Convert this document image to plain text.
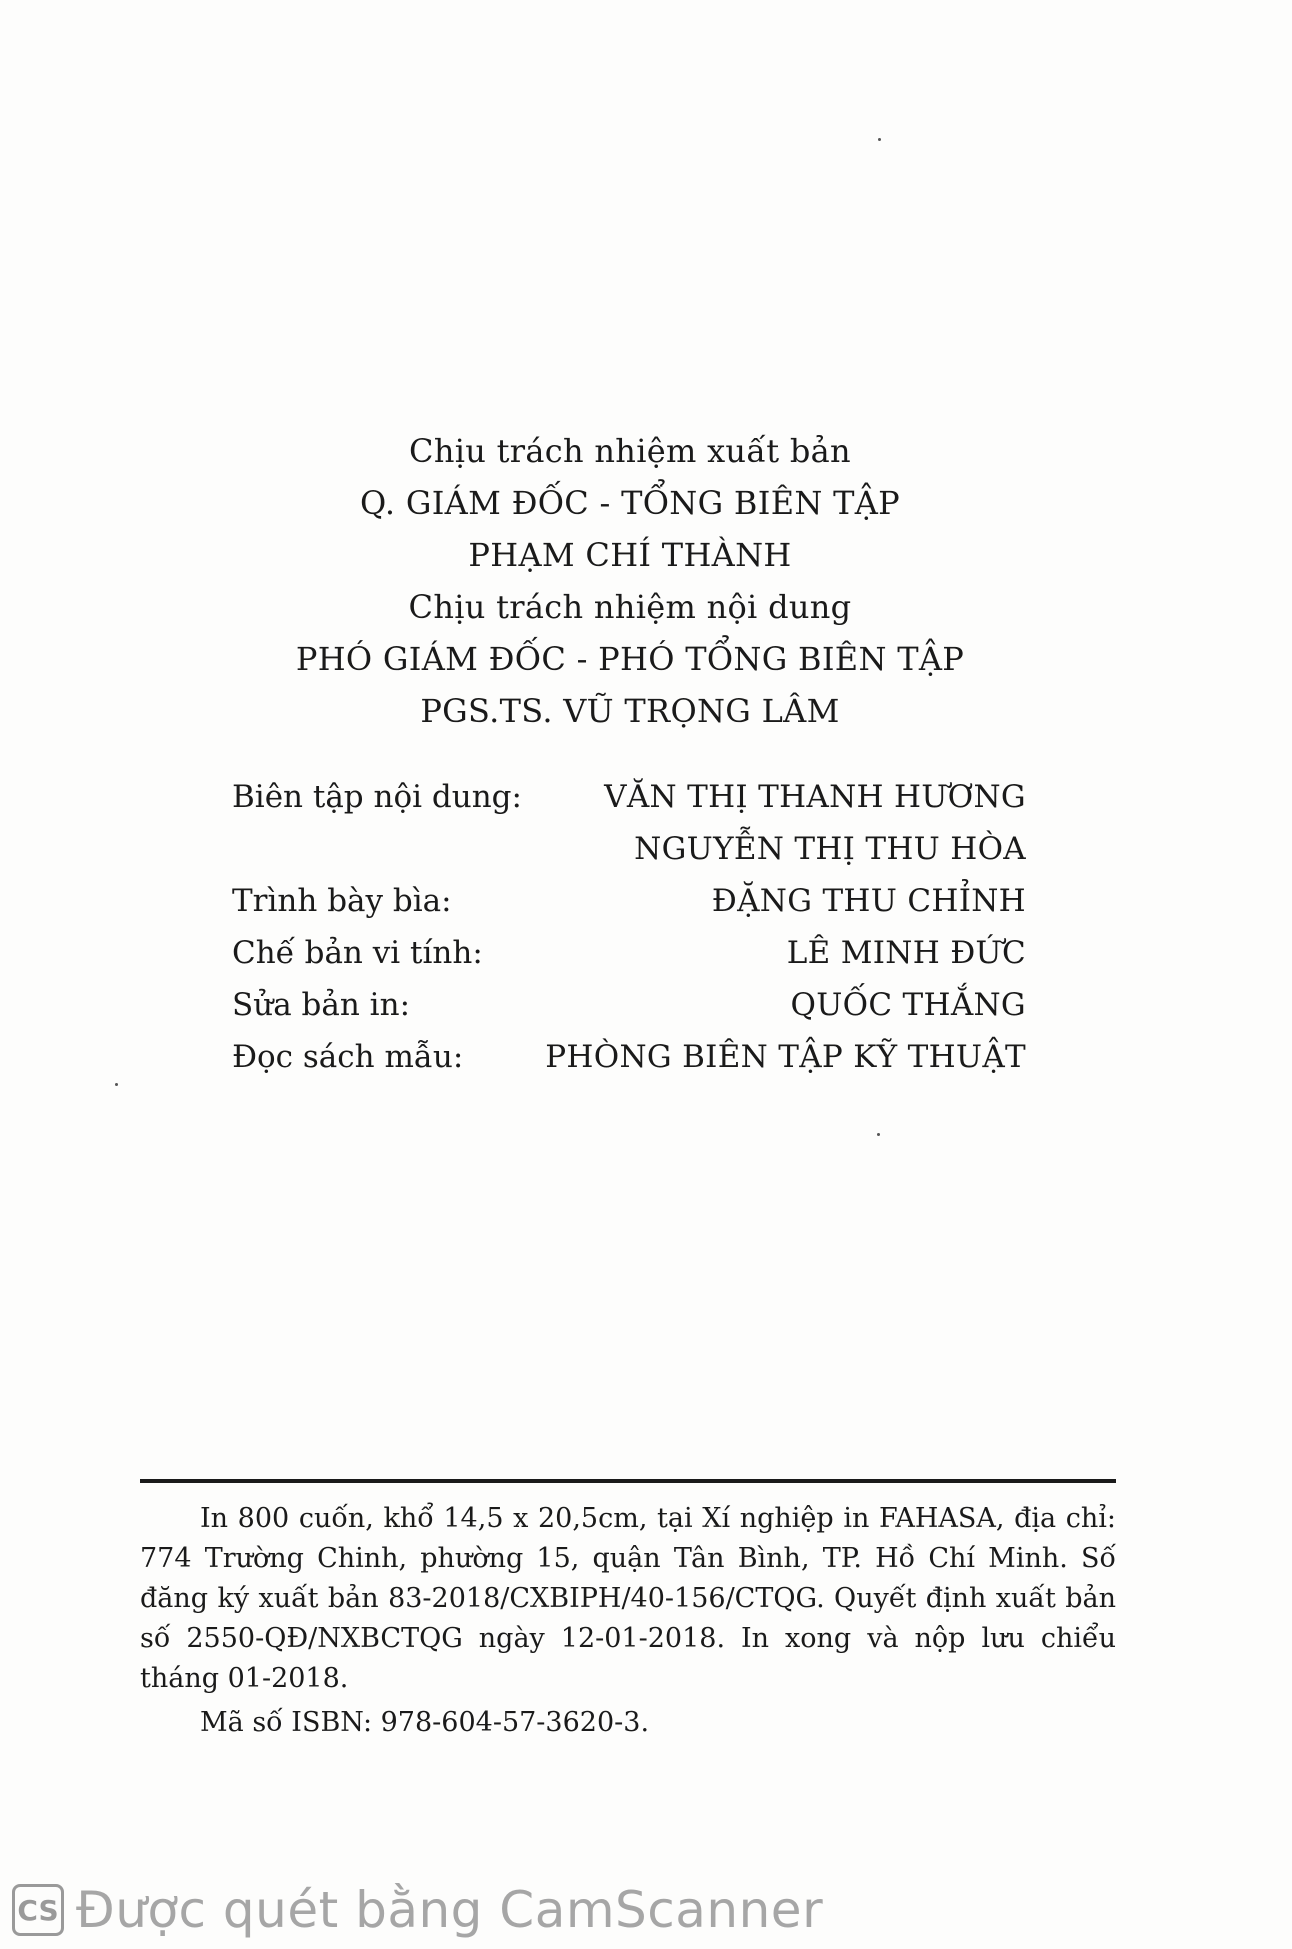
Chịu trách nhiệm xuất bản
Q. GIÁM ĐỐC - TỔNG BIÊN TẬP
PHẠM CHÍ THÀNH
Chịu trách nhiệm nội dung
PHÓ GIÁM ĐỐC - PHÓ TỔNG BIÊN TẬP
PGS.TS. VŨ TRỌNG LÂM
Biên tập nội dung:	VĂN THỊ THANH HƯƠNG
NGUYỄN THỊ THU HÒA
Trình bày bìa:	ĐẶNG THU CHỈNH
Chế bản vi tính:	LÊ MINH ĐỨC
Sửa bản in:	QUỐC THẮNG
Đọc sách mẫu:	PHÒNG BIÊN TẬP KỸ THUẬT

In 800 cuốn, khổ 14,5 x 20,5cm, tại Xí nghiệp in FAHASA, địa chỉ: 774 Trường Chinh, phường 15, quận Tân Bình, TP. Hồ Chí Minh. Số đăng ký xuất bản 83-2018/CXBIPH/40-156/CTQG. Quyết định xuất bản số 2550-QĐ/NXBCTQG ngày 12-01-2018. In xong và nộp lưu chiểu tháng 01-2018.

Mã số ISBN: 978-604-57-3620-3.

CS Được quét bằng CamScanner
